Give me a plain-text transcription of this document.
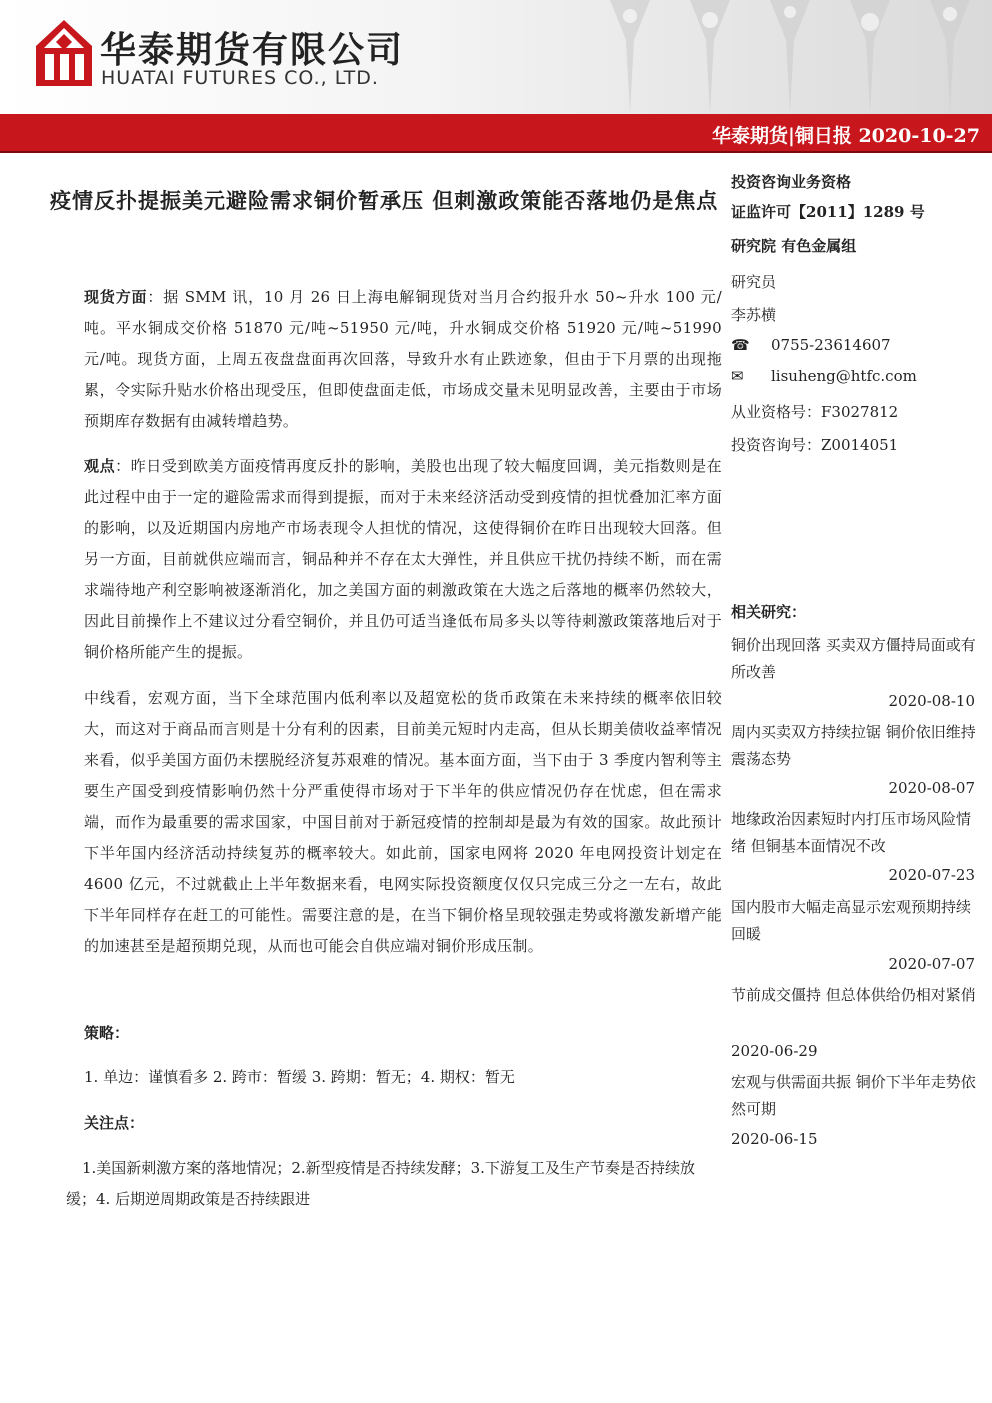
华泰期货有限公司
HUATAI FUTURES CO., LTD.
华泰期货|铜日报 2020-10-27
疫情反扑提振美元避险需求铜价暂承压 但刺激政策能否落地仍是焦点
现货方面：据 SMM 讯，10 月 26 日上海电解铜现货对当月合约报升水 50~升水 100 元/吨。平水铜成交价格 51870 元/吨~51950 元/吨，升水铜成交价格 51920 元/吨~51990 元/吨。现货方面，上周五夜盘盘面再次回落，导致升水有止跌迹象，但由于下月票的出现拖累，令实际升贴水价格出现受压，但即使盘面走低，市场成交量未见明显改善，主要由于市场预期库存数据有由减转增趋势。
观点：昨日受到欧美方面疫情再度反扑的影响，美股也出现了较大幅度回调，美元指数则是在此过程中由于一定的避险需求而得到提振，而对于未来经济活动受到疫情的担忧叠加汇率方面的影响，以及近期国内房地产市场表现令人担忧的情况，这使得铜价在昨日出现较大回落。但另一方面，目前就供应端而言，铜品种并不存在太大弹性，并且供应干扰仍持续不断，而在需求端待地产利空影响被逐渐消化，加之美国方面的刺激政策在大选之后落地的概率仍然较大，因此目前操作上不建议过分看空铜价，并且仍可适当逢低布局多头以等待刺激政策落地后对于铜价格所能产生的提振。
中线看，宏观方面，当下全球范围内低利率以及超宽松的货币政策在未来持续的概率依旧较大，而这对于商品而言则是十分有利的因素，目前美元短时内走高，但从长期美债收益率情况来看，似乎美国方面仍未摆脱经济复苏艰难的情况。基本面方面，当下由于 3 季度内智利等主要生产国受到疫情影响仍然十分严重使得市场对于下半年的供应情况仍存在忧虑，但在需求端，而作为最重要的需求国家，中国目前对于新冠疫情的控制却是最为有效的国家。故此预计下半年国内经济活动持续复苏的概率较大。如此前，国家电网将 2020 年电网投资计划定在 4600 亿元，不过就截止上半年数据来看，电网实际投资额度仅仅只完成三分之一左右，故此下半年同样存在赶工的可能性。需要注意的是，在当下铜价格呈现较强走势或将激发新增产能的加速甚至是超预期兑现，从而也可能会自供应端对铜价形成压制。
策略：
1. 单边：谨慎看多 2. 跨市：暂缓 3. 跨期：暂无；4. 期权：暂无
关注点：
1.美国新刺激方案的落地情况；2.新型疫情是否持续发酵；3.下游复工及生产节奏是否持续放缓；4. 后期逆周期政策是否持续跟进
投资咨询业务资格
证监许可【2011】1289 号
研究院 有色金属组
研究员
李苏横
☎ 0755-23614607
✉ lisuheng@htfc.com
从业资格号：F3027812
投资咨询号：Z0014051
相关研究：
铜价出现回落 买卖双方僵持局面或有所改善
2020-08-10
周内买卖双方持续拉锯 铜价依旧维持震荡态势
2020-08-07
地缘政治因素短时内打压市场风险情绪 但铜基本面情况不改
2020-07-23
国内股市大幅走高显示宏观预期持续回暖
2020-07-07
节前成交僵持 但总体供给仍相对紧俏
2020-06-29
宏观与供需面共振 铜价下半年走势依然可期
2020-06-15
